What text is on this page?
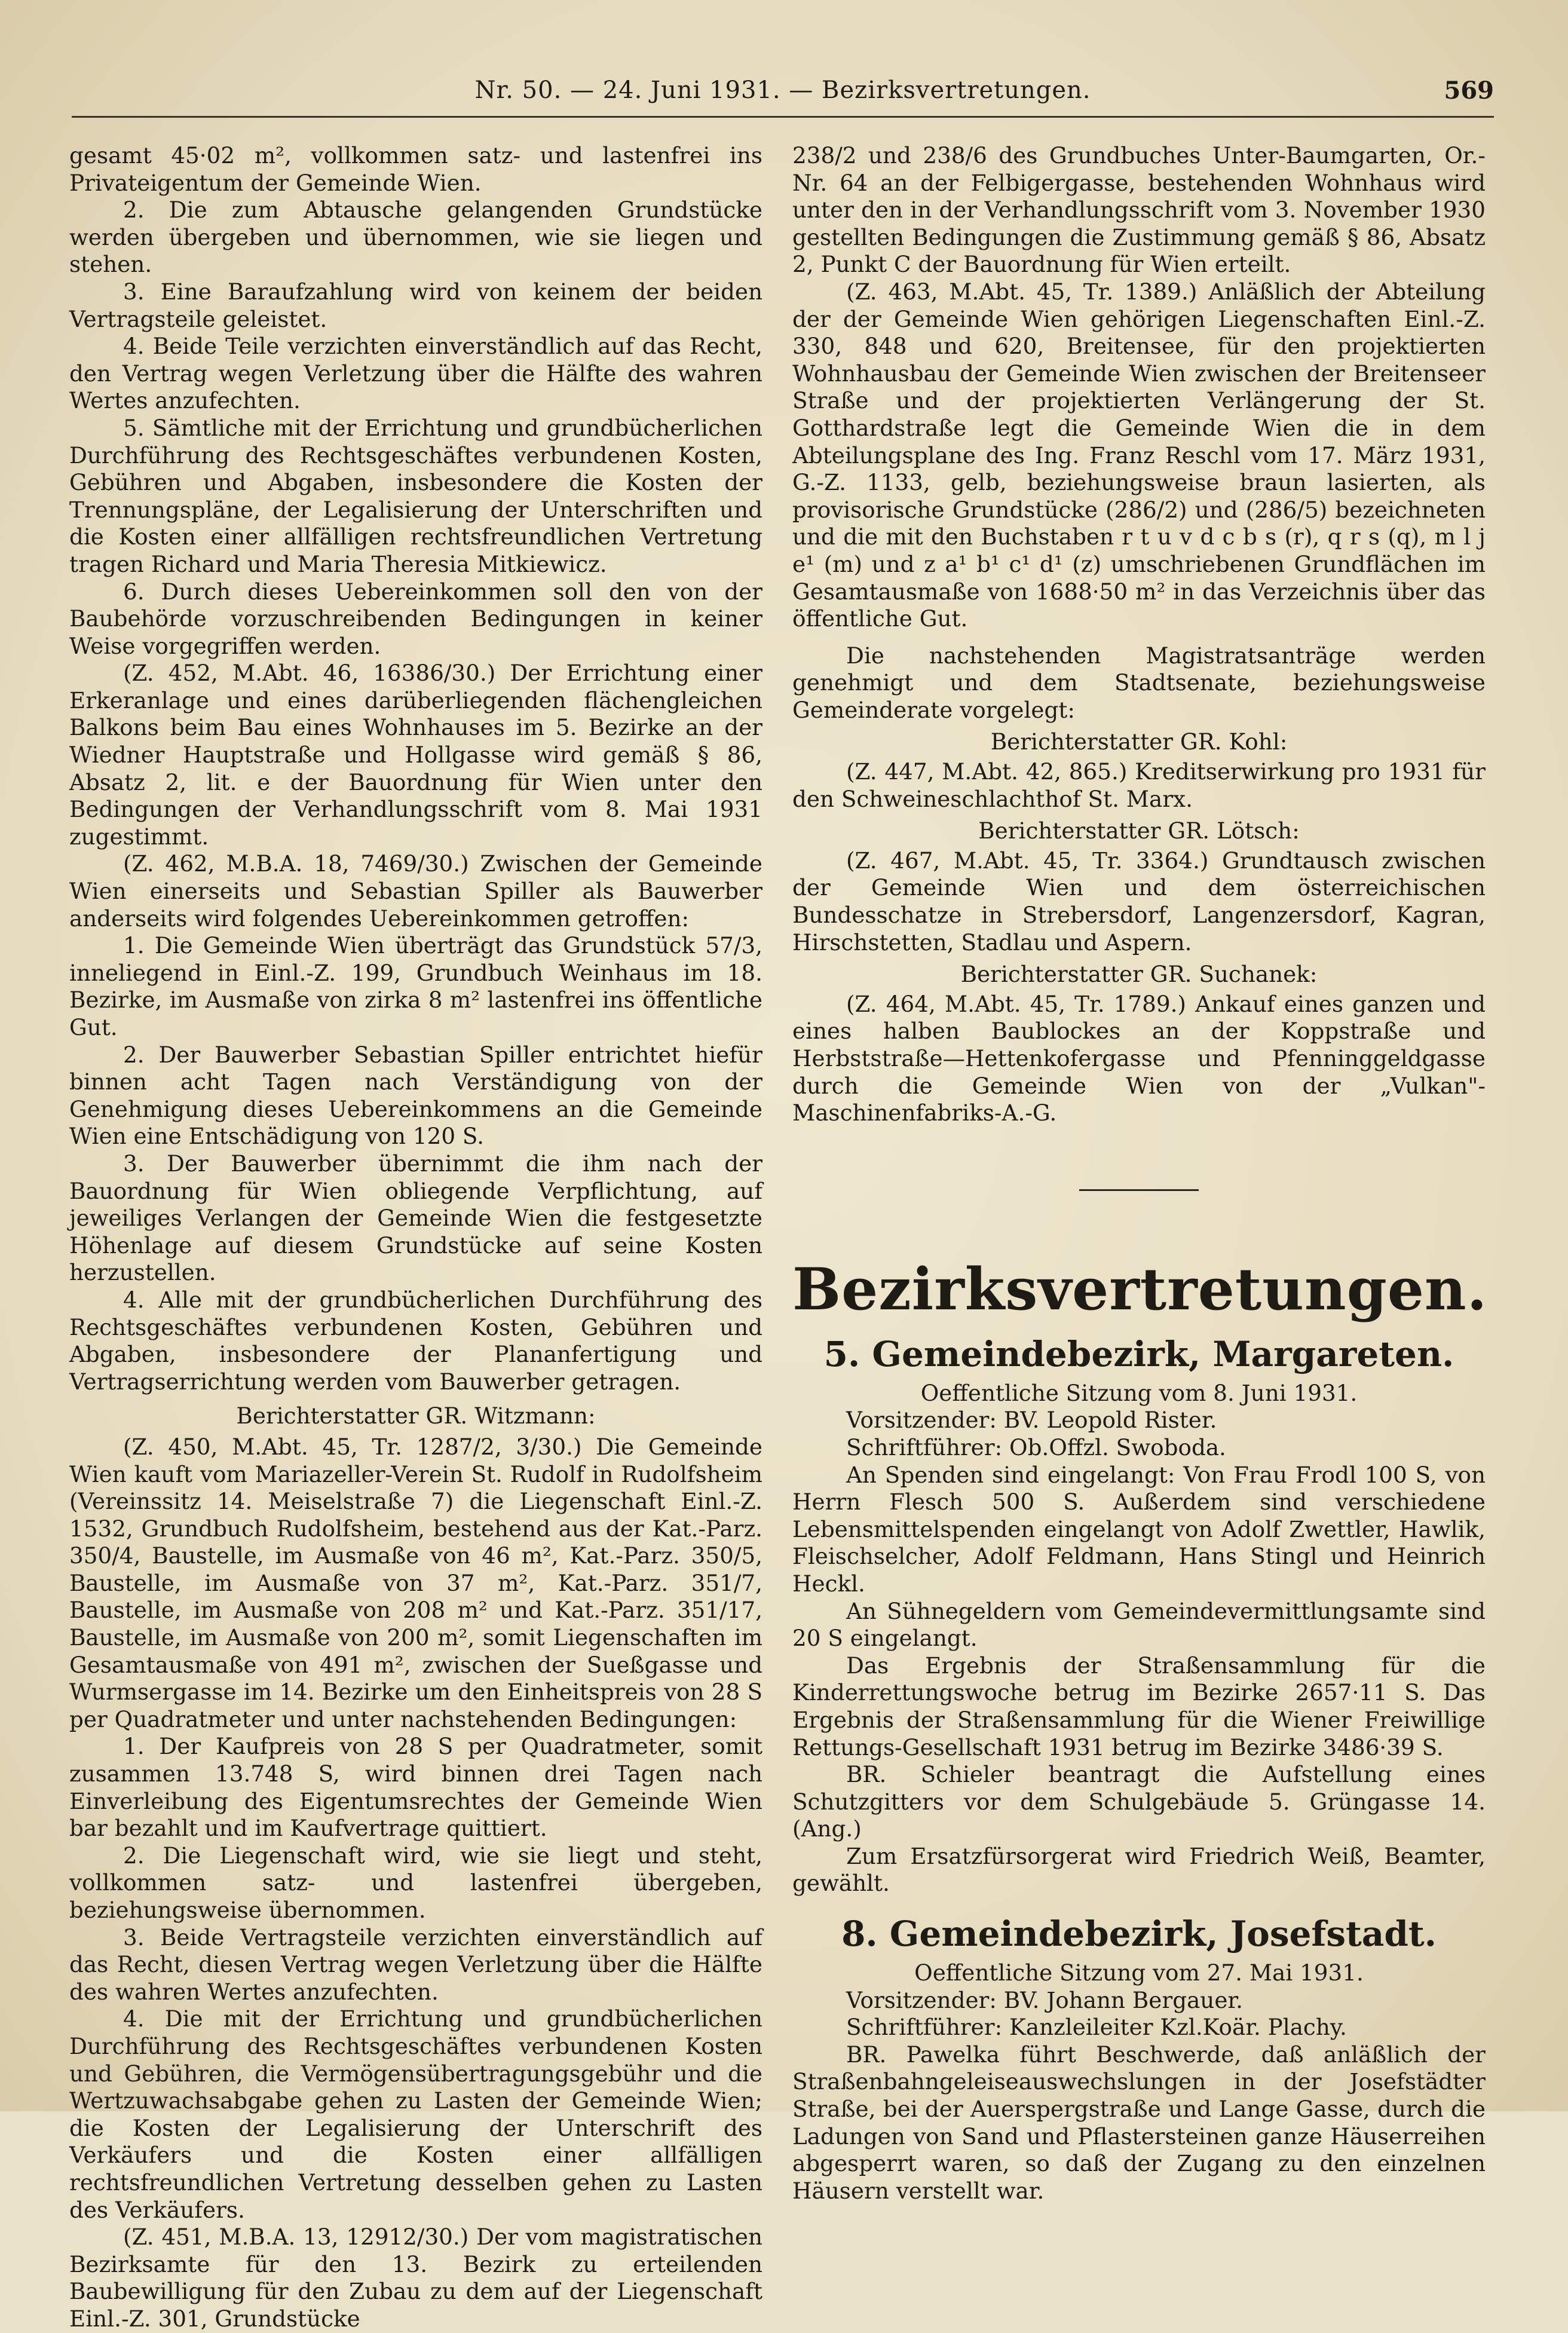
Nr. 50. — 24. Juni 1931. — Bezirksvertretungen.	569

gesamt 45·02 m², vollkommen satz- und lastenfrei ins Privateigentum der Gemeinde Wien.

2. Die zum Abtausche gelangenden Grundstücke werden übergeben und übernommen, wie sie liegen und stehen.

3. Eine Baraufzahlung wird von keinem der beiden Vertragsteile geleistet.

4. Beide Teile verzichten einverständlich auf das Recht, den Vertrag wegen Verletzung über die Hälfte des wahren Wertes anzufechten.

5. Sämtliche mit der Errichtung und grundbücherlichen Durchführung des Rechtsgeschäftes verbundenen Kosten, Gebühren und Abgaben, insbesondere die Kosten der Trennungspläne, der Legalisierung der Unterschriften und die Kosten einer allfälligen rechtsfreundlichen Vertretung tragen Richard und Maria Theresia Mitkiewicz.

6. Durch dieses Uebereinkommen soll den von der Baubehörde vorzuschreibenden Bedingungen in keiner Weise vorgegriffen werden.

(Z. 452, M.Abt. 46, 16386/30.) Der Errichtung einer Erkeranlage und eines darüberliegenden flächengleichen Balkons beim Bau eines Wohnhauses im 5. Bezirke an der Wiedner Hauptstraße und Hollgasse wird gemäß § 86, Absatz 2, lit. e der Bauordnung für Wien unter den Bedingungen der Verhandlungsschrift vom 8. Mai 1931 zugestimmt.

(Z. 462, M.B.A. 18, 7469/30.) Zwischen der Gemeinde Wien einerseits und Sebastian Spiller als Bauwerber anderseits wird folgendes Uebereinkommen getroffen:

1. Die Gemeinde Wien überträgt das Grundstück 57/3, inneliegend in Einl.-Z. 199, Grundbuch Weinhaus im 18. Bezirke, im Ausmaße von zirka 8 m² lastenfrei ins öffentliche Gut.

2. Der Bauwerber Sebastian Spiller entrichtet hiefür binnen acht Tagen nach Verständigung von der Genehmigung dieses Uebereinkommens an die Gemeinde Wien eine Entschädigung von 120 S.

3. Der Bauwerber übernimmt die ihm nach der Bauordnung für Wien obliegende Verpflichtung, auf jeweiliges Verlangen der Gemeinde Wien die festgesetzte Höhenlage auf diesem Grundstücke auf seine Kosten herzustellen.

4. Alle mit der grundbücherlichen Durchführung des Rechtsgeschäftes verbundenen Kosten, Gebühren und Abgaben, insbesondere der Plananfertigung und Vertragserrichtung werden vom Bauwerber getragen.

Berichterstatter GR. Witzmann:

(Z. 450, M.Abt. 45, Tr. 1287/2, 3/30.) Die Gemeinde Wien kauft vom Mariazeller-Verein St. Rudolf in Rudolfsheim (Vereinssitz 14. Meiselstraße 7) die Liegenschaft Einl.-Z. 1532, Grundbuch Rudolfsheim, bestehend aus der Kat.-Parz. 350/4, Baustelle, im Ausmaße von 46 m², Kat.-Parz. 350/5, Baustelle, im Ausmaße von 37 m², Kat.-Parz. 351/7, Baustelle, im Ausmaße von 208 m² und Kat.-Parz. 351/17, Baustelle, im Ausmaße von 200 m², somit Liegenschaften im Gesamtausmaße von 491 m², zwischen der Sueßgasse und Wurmsergasse im 14. Bezirke um den Einheitspreis von 28 S per Quadratmeter und unter nachstehenden Bedingungen:

1. Der Kaufpreis von 28 S per Quadratmeter, somit zusammen 13.748 S, wird binnen drei Tagen nach Einverleibung des Eigentumsrechtes der Gemeinde Wien bar bezahlt und im Kaufvertrage quittiert.

2. Die Liegenschaft wird, wie sie liegt und steht, vollkommen satz- und lastenfrei übergeben, beziehungsweise übernommen.

3. Beide Vertragsteile verzichten einverständlich auf das Recht, diesen Vertrag wegen Verletzung über die Hälfte des wahren Wertes anzufechten.

4. Die mit der Errichtung und grundbücherlichen Durchführung des Rechtsgeschäftes verbundenen Kosten und Gebühren, die Vermögensübertragungsgebühr und die Wertzuwachsabgabe gehen zu Lasten der Gemeinde Wien; die Kosten der Legalisierung der Unterschrift des Verkäufers und die Kosten einer allfälligen rechtsfreundlichen Vertretung desselben gehen zu Lasten des Verkäufers.

(Z. 451, M.B.A. 13, 12912/30.) Der vom magistratischen Bezirksamte für den 13. Bezirk zu erteilenden Baubewilligung für den Zubau zu dem auf der Liegenschaft Einl.-Z. 301, Grundstücke

238/2 und 238/6 des Grundbuches Unter-Baumgarten, Or.-Nr. 64 an der Felbigergasse, bestehenden Wohnhaus wird unter den in der Verhandlungsschrift vom 3. November 1930 gestellten Bedingungen die Zustimmung gemäß § 86, Absatz 2, Punkt C der Bauordnung für Wien erteilt.

(Z. 463, M.Abt. 45, Tr. 1389.) Anläßlich der Abteilung der der Gemeinde Wien gehörigen Liegenschaften Einl.-Z. 330, 848 und 620, Breitensee, für den projektierten Wohnhausbau der Gemeinde Wien zwischen der Breitenseer Straße und der projektierten Verlängerung der St. Gotthardstraße legt die Gemeinde Wien die in dem Abteilungsplane des Ing. Franz Reschl vom 17. März 1931, G.-Z. 1133, gelb, beziehungsweise braun lasierten, als provisorische Grundstücke (286/2) und (286/5) bezeichneten und die mit den Buchstaben r t u v d c b s (r), q r s (q), m l j e¹ (m) und z a¹ b¹ c¹ d¹ (z) umschriebenen Grundflächen im Gesamtausmaße von 1688·50 m² in das Verzeichnis über das öffentliche Gut.

Die nachstehenden Magistratsanträge werden genehmigt und dem Stadtsenate, beziehungsweise Gemeinderate vorgelegt:

Berichterstatter GR. Kohl:

(Z. 447, M.Abt. 42, 865.) Kreditserwirkung pro 1931 für den Schweineschlachthof St. Marx.

Berichterstatter GR. Lötsch:

(Z. 467, M.Abt. 45, Tr. 3364.) Grundtausch zwischen der Gemeinde Wien und dem österreichischen Bundesschatze in Strebersdorf, Langenzersdorf, Kagran, Hirschstetten, Stadlau und Aspern.

Berichterstatter GR. Suchanek:

(Z. 464, M.Abt. 45, Tr. 1789.) Ankauf eines ganzen und eines halben Baublockes an der Koppstraße und Herbststraße—Hettenkofergasse und Pfenninggeldgasse durch die Gemeinde Wien von der „Vulkan"-Maschinenfabriks-A.-G.

Bezirksvertretungen.
5. Gemeindebezirk, Margareten.

Oeffentliche Sitzung vom 8. Juni 1931.

Vorsitzender: BV. Leopold Rister.

Schriftführer: Ob.Offzl. Swoboda.

An Spenden sind eingelangt: Von Frau Frodl 100 S, von Herrn Flesch 500 S. Außerdem sind verschiedene Lebensmittelspenden eingelangt von Adolf Zwettler, Hawlik, Fleischselcher, Adolf Feldmann, Hans Stingl und Heinrich Heckl.

An Sühnegeldern vom Gemeindevermittlungsamte sind 20 S eingelangt.

Das Ergebnis der Straßensammlung für die Kinderrettungswoche betrug im Bezirke 2657·11 S. Das Ergebnis der Straßensammlung für die Wiener Freiwillige Rettungs-Gesellschaft 1931 betrug im Bezirke 3486·39 S.

BR. Schieler beantragt die Aufstellung eines Schutzgitters vor dem Schulgebäude 5. Grüngasse 14. (Ang.)

Zum Ersatzfürsorgerat wird Friedrich Weiß, Beamter, gewählt.

8. Gemeindebezirk, Josefstadt.

Oeffentliche Sitzung vom 27. Mai 1931.

Vorsitzender: BV. Johann Bergauer.

Schriftführer: Kanzleileiter Kzl.Koär. Plachy.

BR. Pawelka führt Beschwerde, daß anläßlich der Straßenbahngeleiseauswechslungen in der Josefstädter Straße, bei der Auerspergstraße und Lange Gasse, durch die Ladungen von Sand und Pflastersteinen ganze Häuserreihen abgesperrt waren, so daß der Zugang zu den einzelnen Häusern verstellt war.
